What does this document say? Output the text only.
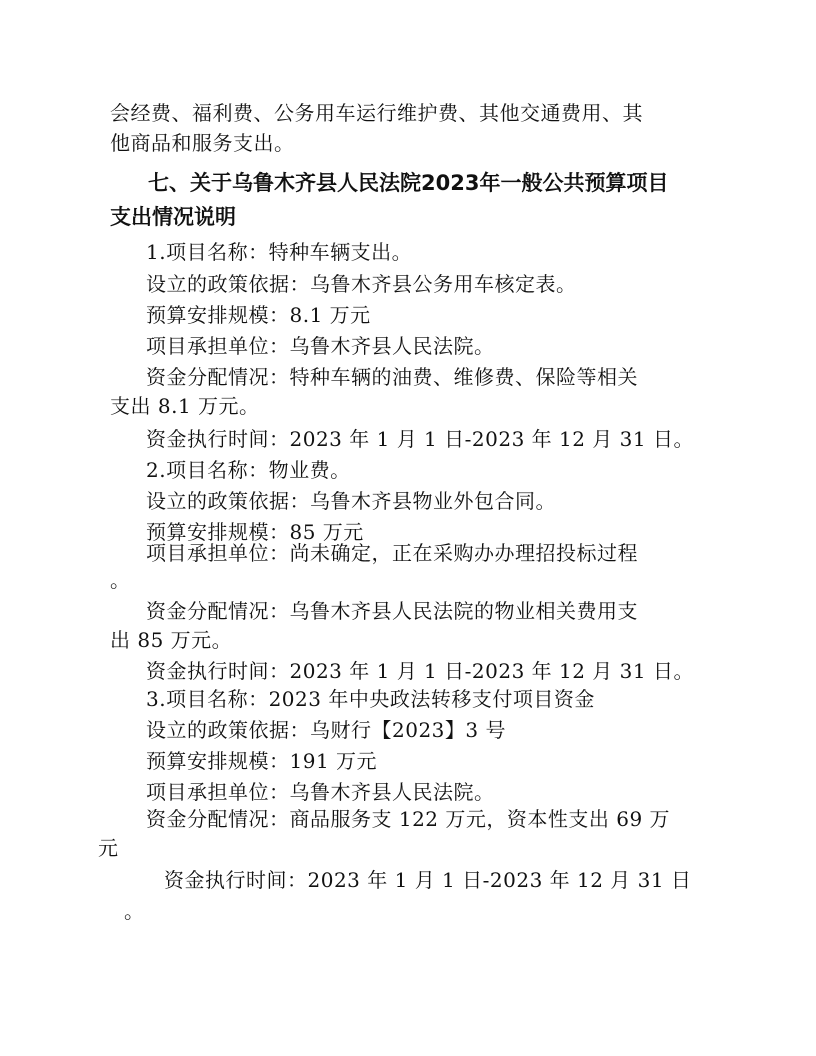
会经费、福利费、公务用车运行维护费、其他交通费用、其
他商品和服务支出。
七、关于乌鲁木齐县人民法院2023年一般公共预算项目
支出情况说明
1.项目名称：特种车辆支出。
设立的政策依据：乌鲁木齐县公务用车核定表。
预算安排规模：8.1 万元
项目承担单位：乌鲁木齐县人民法院。
资金分配情况：特种车辆的油费、维修费、保险等相关
支出 8.1 万元。
资金执行时间：2023 年 1 月 1 日-2023 年 12 月 31 日。
2.项目名称：物业费。
设立的政策依据：乌鲁木齐县物业外包合同。
预算安排规模：85 万元
项目承担单位：尚未确定，正在采购办办理招投标过程
。
资金分配情况：乌鲁木齐县人民法院的物业相关费用支
出 85 万元。
资金执行时间：2023 年 1 月 1 日-2023 年 12 月 31 日。
3.项目名称：2023 年中央政法转移支付项目资金
设立的政策依据：乌财行【2023】3 号
预算安排规模：191 万元
项目承担单位：乌鲁木齐县人民法院。
资金分配情况：商品服务支 122 万元，资本性支出 69 万
元
资金执行时间：2023 年 1 月 1 日-2023 年 12 月 31 日
。
